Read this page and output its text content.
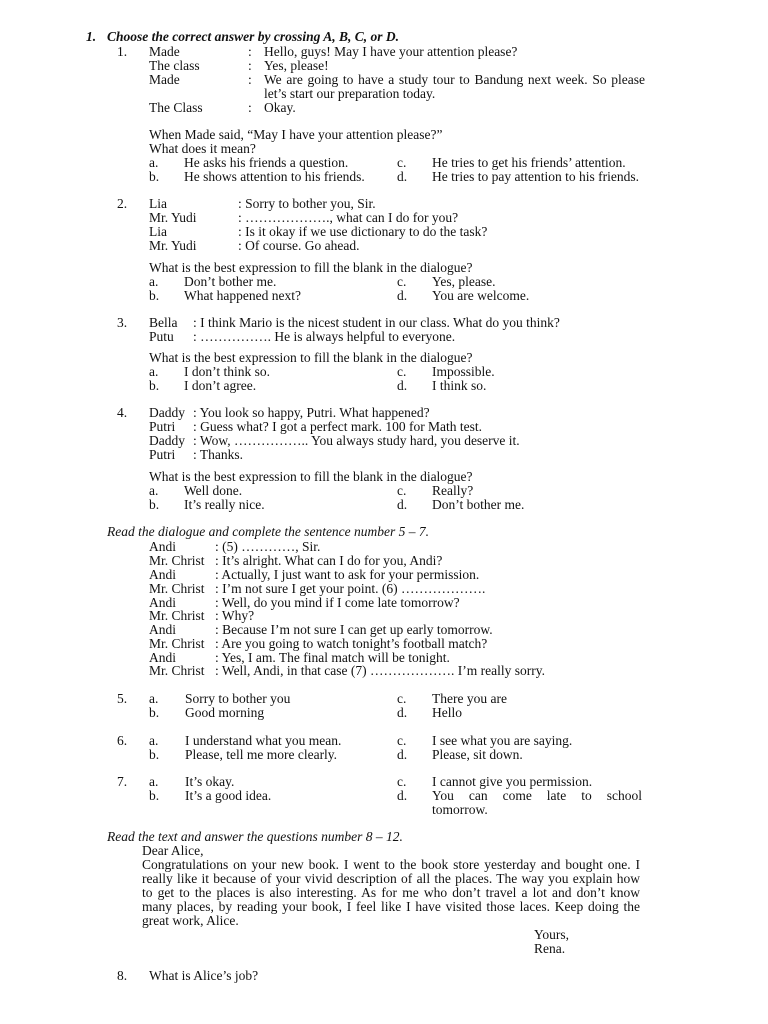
1. Choose the correct answer by crossing A, B, C, or D.
1. Made	: Hello, guys! May I have your attention please?
The class	: Yes, please!
Made	: We are going to have a study tour to Bandung next week. So please let’s start our preparation today.
The Class	: Okay.
When Made said, “May I have your attention please?”
What does it mean?
a. He asks his friends a question.	c. He tries to get his friends’ attention.
b. He shows attention to his friends. d. He tries to pay attention to his friends.
2. Lia	: Sorry to bother you, Sir.
Mr. Yudi	: ………………., what can I do for you?
Lia	: Is it okay if we use dictionary to do the task?
Mr. Yudi	: Of course. Go ahead.
What is the best expression to fill the blank in the dialogue?
a. Don’t bother me.	c. Yes, please.
b. What happened next?	d. You are welcome.
3. Bella : I think Mario is the nicest student in our class. What do you think?
Putu : ……………. He is always helpful to everyone.
What is the best expression to fill the blank in the dialogue?
a. I don’t think so.	c. Impossible.
b. I don’t agree.	d. I think so.
4. Daddy : You look so happy, Putri. What happened?
Putri : Guess what? I got a perfect mark. 100 for Math test.
Daddy : Wow, …………….. You always study hard, you deserve it.
Putri : Thanks.
What is the best expression to fill the blank in the dialogue?
a. Well done.	c. Really?
b. It’s really nice.	d. Don’t bother me.
Read the dialogue and complete the sentence number 5 – 7.
Andi	: (5) …………, Sir.
Mr. Christ : It’s alright. What can I do for you, Andi?
Andi	: Actually, I just want to ask for your permission.
Mr. Christ : I’m not sure I get your point. (6) ……………….
Andi	: Well, do you mind if I come late tomorrow?
Mr. Christ : Why?
Andi	: Because I’m not sure I can get up early tomorrow.
Mr. Christ : Are you going to watch tonight’s football match?
Andi	: Yes, I am. The final match will be tonight.
Mr. Christ : Well, Andi, in that case (7) ………………. I’m really sorry.
5. a. Sorry to bother you	c. There you are
b. Good morning	d. Hello
6. a. I understand what you mean.	c. I see what you are saying.
b. Please, tell me more clearly.	d. Please, sit down.
7. a. It’s okay.	c. I cannot give you permission.
b. It’s a good idea.	d. You can come late to school tomorrow.
Read the text and answer the questions number 8 – 12.
Dear Alice,
Congratulations on your new book. I went to the book store yesterday and bought one. I
really like it because of your vivid description of all the places. The way you explain how
to get to the places is also interesting. As for me who don’t travel a lot and don’t know
many places, by reading your book, I feel like I have visited those laces. Keep doing the
great work, Alice.
Yours,
Rena.
8. What is Alice’s job?
